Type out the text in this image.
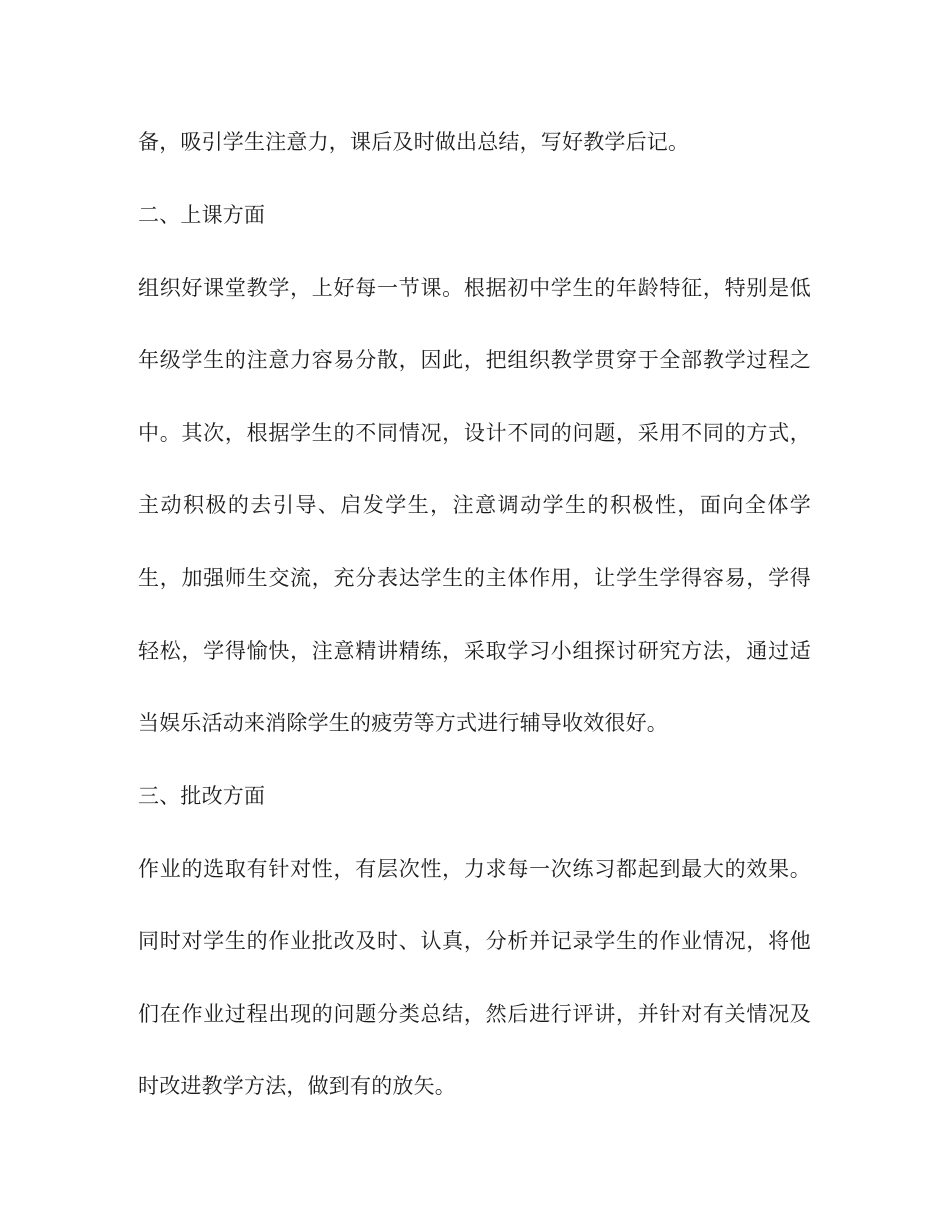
备，吸引学生注意力，课后及时做出总结，写好教学后记。
二、上课方面
组织好课堂教学，上好每一节课。根据初中学生的年龄特征，特别是低
年级学生的注意力容易分散，因此，把组织教学贯穿于全部教学过程之
中。其次，根据学生的不同情况，设计不同的问题，采用不同的方式，
主动积极的去引导、启发学生，注意调动学生的积极性，面向全体学
生，加强师生交流，充分表达学生的主体作用，让学生学得容易，学得
轻松，学得愉快，注意精讲精练，采取学习小组探讨研究方法，通过适
当娱乐活动来消除学生的疲劳等方式进行辅导收效很好。
三、批改方面
作业的选取有针对性，有层次性，力求每一次练习都起到最大的效果。
同时对学生的作业批改及时、认真，分析并记录学生的作业情况，将他
们在作业过程出现的问题分类总结，然后进行评讲，并针对有关情况及
时改进教学方法，做到有的放矢。
